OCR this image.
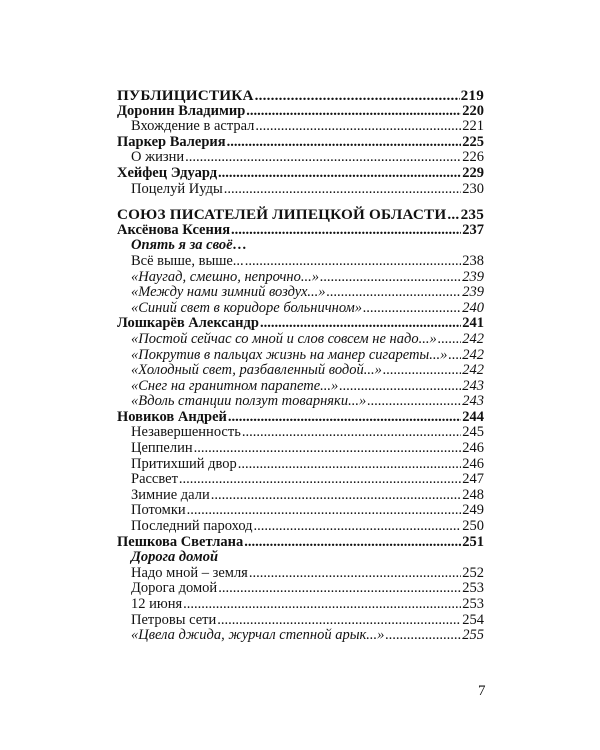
ПУБЛИЦИСТИКА .....	219
Доронин Владимир .....	220
Вхождение в астрал .....	221
Паркер Валерия .....	225
О жизни .....	226
Хейфец Эдуард .....	229
Поцелуй Иуды .....	230
СОЮЗ ПИСАТЕЛЕЙ ЛИПЕЦКОЙ ОБЛАСТИ ..... 235
Аксёнова Ксения .....	237
Опять я за своё…
Всё выше, выше... .....	238
«Наугад, смешно, непрочно...» .....	239
«Между нами зимний воздух...» .....	239
«Синий свет в коридоре больничном» .....	240
Лошкарёв Александр .....	241
«Постой сейчас со мной и слов совсем не надо...» ..... 242
«Покрутив в пальцах жизнь на манер сигареты...» ..... 242
«Холодный свет, разбавленный водой...» .....	242
«Снег на гранитном парапете...» .....	243
«Вдоль станции ползут товарняки...» .....	243
Новиков Андрей .....	244
Незавершенность .....	245
Цеппелин .....	246
Притихший двор .....	246
Рассвет .....	247
Зимние дали .....	248
Потомки .....	249
Последний пароход .....	250
Пешкова Светлана .....	251
Дорога домой
Надо мной – земля .....	252
Дорога домой .....	253
12 июня .....	253
Петровы сети .....	254
«Цвела джида, журчал степной арык...» .....	255
7
